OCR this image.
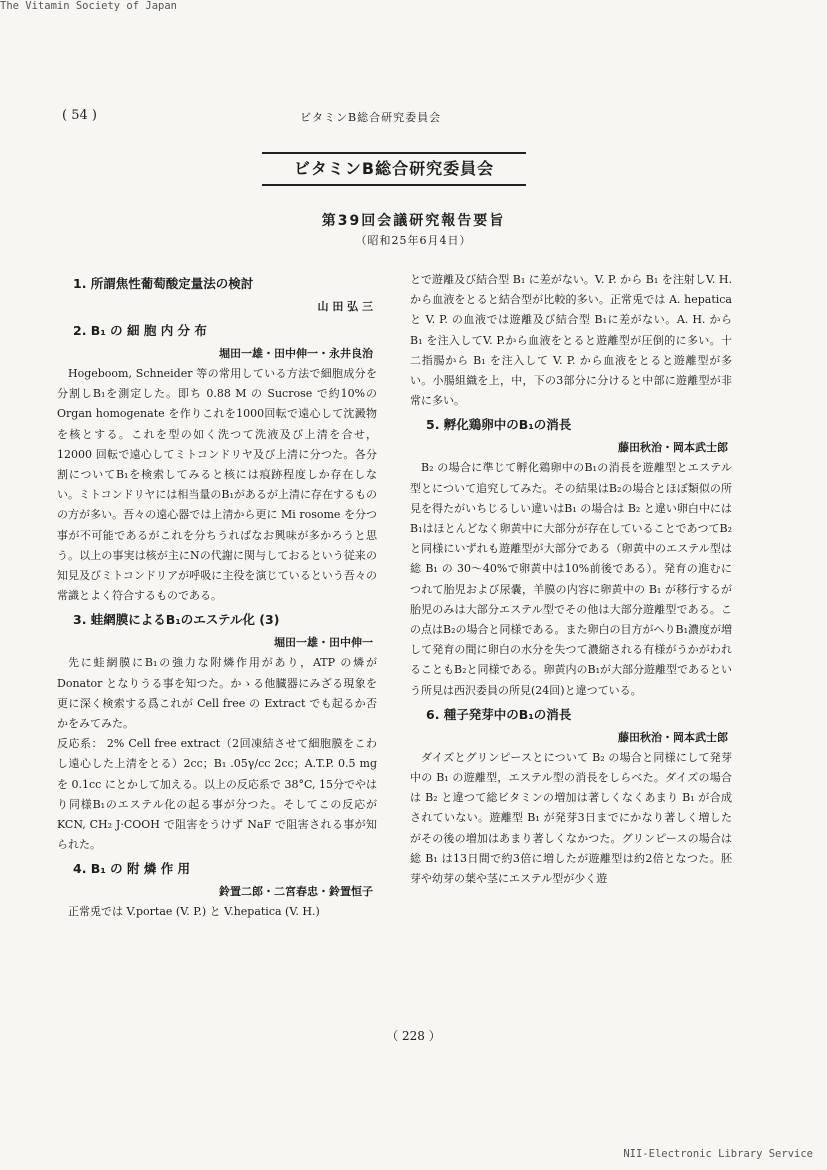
The Vitamin Society of Japan
( 54 )	ビタミンB総合研究委員会
ビタミンB総合研究委員会
第39回会議研究報告要旨
（昭和25年6月4日）
1. 所謂焦性葡萄酸定量法の検討
山 田 弘 三
2. B₁ の 細 胞 内 分 布
堀田一雄・田中伸一・永井良治
Hogeboom, Schneider 等の常用している方法で細胞成分を分割しB₁を測定した。即ち 0.88 M の Sucrose で約10%の Organ homogenate を作りこれを1000回転で遠心して沈澱物を核とする。これを型の如く洗つて洗液及び上清を合せ，12000 回転で遠心してミトコンドリヤ及び上清に分つた。各分割についてB₁を検索してみると核には痕跡程度しか存在しない。ミトコンドリヤには相当量のB₁があるが上清に存在するものの方が多い。吾々の遠心器では上清から更に Mi rosome を分つ事が不可能であるがこれを分ちうればなお興味が多かろうと思う。以上の事実は核が主にNの代謝に関与しておるという従来の知見及びミトコンドリアが呼吸に主役を演じているという吾々の常識とよく符合するものである。
3. 蛙網膜によるB₁のエステル化 (3)
堀田一雄・田中伸一
先に蛙網膜にB₁の強力な附燐作用があり，ATP の燐が Donator となりうる事を知つた。かゝる他臓器にみざる現象を更に深く検索する爲これが Cell free の Extract でも起るか否かをみてみた。
反応系： 2% Cell free extract（2回凍結させて細胞膜をこわし遠心した上清をとる）2cc；B₁ .05γ/cc 2cc；A.T.P. 0.5 mg を 0.1cc にとかして加える。以上の反応系で 38°C, 15分でやはり同様B₁のエステル化の起る事が分つた。そしてこの反応が KCN, CH₂ J·COOH で阻害をうけず NaF で阻害される事が知られた。
4. B₁ の 附 燐 作 用
鈴置二郎・二宮春忠・鈴置恒子
正常兎では V.portae (V. P.) と V.hepatica (V. H.)
とで遊離及び結合型 B₁ に差がない。V. P. から B₁ を注射しV. H. から血液をとると結合型が比較的多い。正常兎では A. hepatica と V. P. の血液では遊離及び結合型 B₁に差がない。A. H. から B₁ を注入してV. P.から血液をとると遊離型が圧倒的に多い。十二指腸から B₁ を注入して V. P. から血液をとると遊離型が多い。小腸組織を上，中，下の3部分に分けると中部に遊離型が非常に多い。
5. 孵化鶏卵中のB₁の消長
藤田秋治・岡本武士郎
B₂ の場合に準じて孵化鶏卵中のB₁の消長を遊離型とエステル型とについて追究してみた。その結果はB₂の場合とほぼ類似の所見を得たがいちじるしい違いはB₁ の場合は B₂ と違い卵白中には B₁はほとんどなく卵黄中に大部分が存在していることであつてB₂と同様にいずれも遊離型が大部分である（卵黄中のエステル型は総 B₁ の 30～40%で卵黄中は10%前後である）。発育の進むにつれて胎児および尿嚢，羊膜の内容に卵黄中の B₁ が移行するが胎児のみは大部分エステル型でその他は大部分遊離型である。この点はB₂の場合と同様である。また卵白の目方がへりB₁濃度が増して発育の間に卵白の水分を失つて濃縮される有様がうかがわれることもB₂と同様である。卵黄内のB₁が大部分遊離型であるという所見は西沢委員の所見(24回)と違つている。
6. 種子発芽中のB₁の消長
藤田秋治・岡本武士郎
ダイズとグリンピースとについて B₂ の場合と同様にして発芽中の B₁ の遊離型，エステル型の消長をしらべた。ダイズの場合は B₂ と違つて総ビタミンの増加は著しくなくあまり B₁ が合成されていない。遊離型 B₁ が発芽3日までにかなり著しく増したがその後の増加はあまり著しくなかつた。グリンピースの場合は総 B₁ は13日間で約3倍に増したが遊離型は約2倍となつた。胚芽や幼芽の葉や茎にエステル型が少く遊
（ 228 ）
NII-Electronic Library Service
